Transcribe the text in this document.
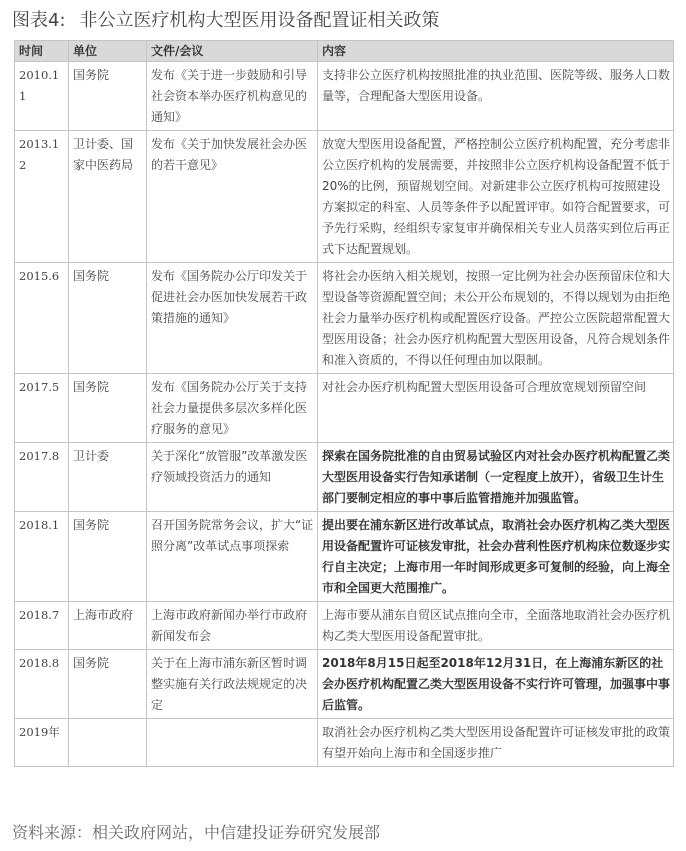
图表4: 非公立医疗机构大型医用设备配置证相关政策
时间	单位	文件/会议	内容
2010.11	国务院	发布《关于进一步鼓励和引导社会资本举办医疗机构意见的通知》	支持非公立医疗机构按照批准的执业范围、医院等级、服务人口数量等，合理配备大型医用设备。
2013.12	卫计委、国家中医药局	发布《关于加快发展社会办医的若干意见》	放宽大型医用设备配置，严格控制公立医疗机构配置，充分考虑非公立医疗机构的发展需要，并按照非公立医疗机构设备配置不低于20%的比例，预留规划空间。对新建非公立医疗机构可按照建设方案拟定的科室、人员等条件予以配置评审。如符合配置要求，可予先行采购，经组织专家复审并确保相关专业人员落实到位后再正式下达配置规划。
2015.6	国务院	发布《国务院办公厅印发关于促进社会办医加快发展若干政策措施的通知》	将社会办医纳入相关规划，按照一定比例为社会办医预留床位和大型设备等资源配置空间；未公开公布规划的，不得以规划为由拒绝社会力量举办医疗机构或配置医疗设备。严控公立医院超常配置大型医用设备；社会办医疗机构配置大型医用设备，凡符合规划条件和准入资质的，不得以任何理由加以限制。
2017.5	国务院	发布《国务院办公厅关于支持社会力量提供多层次多样化医疗服务的意见》	对社会办医疗机构配置大型医用设备可合理放宽规划预留空间
2017.8	卫计委	关于深化“放管服”改革激发医疗领域投资活力的通知	探索在国务院批准的自由贸易试验区内对社会办医疗机构配置乙类大型医用设备实行告知承诺制（一定程度上放开），省级卫生计生部门要制定相应的事中事后监管措施并加强监管。
2018.1	国务院	召开国务院常务会议，扩大“证照分离”改革试点事项探索	提出要在浦东新区进行改革试点，取消社会办医疗机构乙类大型医用设备配置许可证核发审批，社会办营利性医疗机构床位数逐步实行自主决定；上海市用一年时间形成更多可复制的经验，向上海全市和全国更大范围推广。
2018.7	上海市政府	上海市政府新闻办举行市政府新闻发布会	上海市要从浦东自贸区试点推向全市，全面落地取消社会办医疗机构乙类大型医用设备配置审批。
2018.8	国务院	关于在上海市浦东新区暂时调整实施有关行政法规规定的决定	2018年8月15日起至2018年12月31日，在上海浦东新区的社会办医疗机构配置乙类大型医用设备不实行许可管理，加强事中事后监管。
2019年			取消社会办医疗机构乙类大型医用设备配置许可证核发审批的政策有望开始向上海市和全国逐步推广
资料来源：相关政府网站，中信建投证券研究发展部
